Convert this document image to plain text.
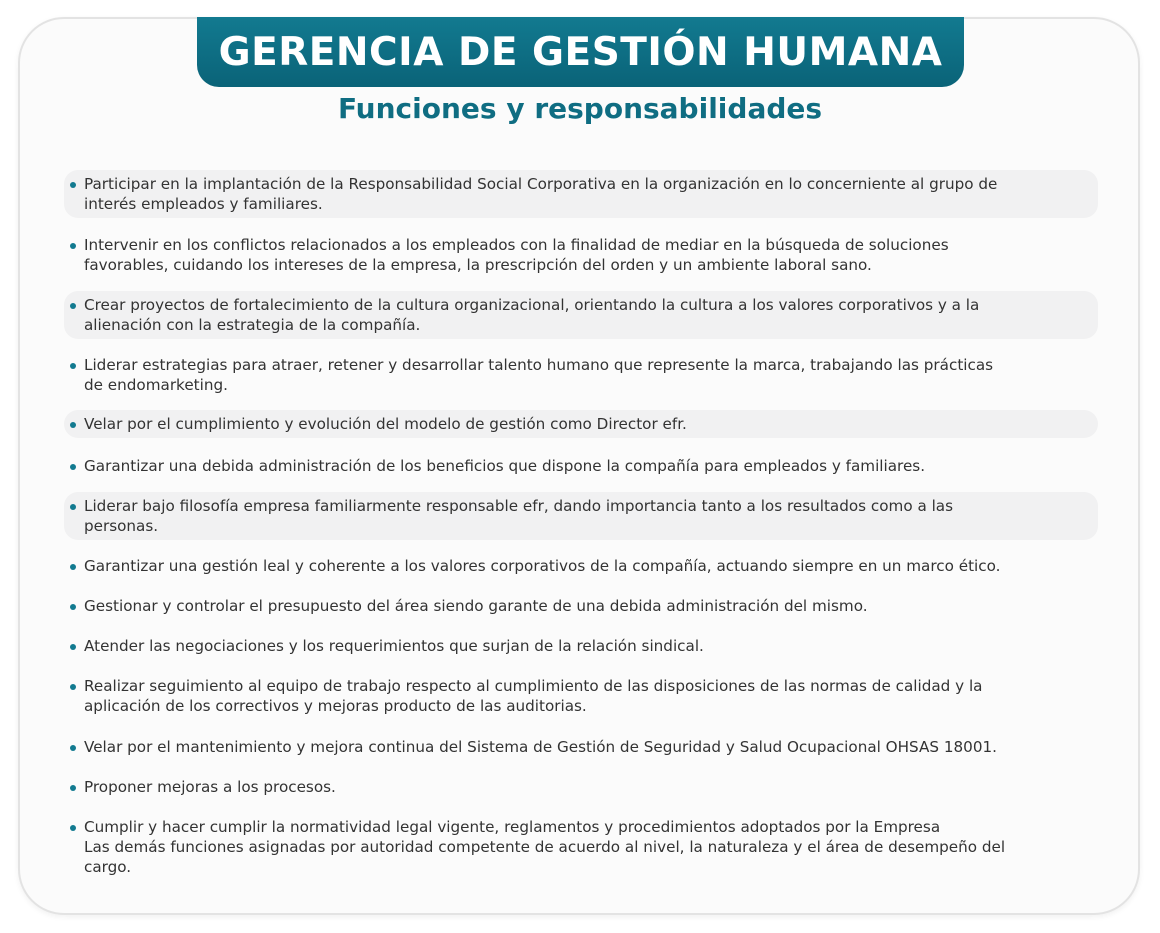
GERENCIA DE GESTIÓN HUMANA
Funciones y responsabilidades
Participar en la implantación de la Responsabilidad Social Corporativa en la organización en lo concerniente al grupo de
interés empleados y familiares.
Intervenir en los conflictos relacionados a los empleados con la finalidad de mediar en la búsqueda de soluciones
favorables, cuidando los intereses de la empresa, la prescripción del orden y un ambiente laboral sano.
Crear proyectos de fortalecimiento de la cultura organizacional, orientando la cultura a los valores corporativos y a la
alienación con la estrategia de la compañía.
Liderar estrategias para atraer, retener y desarrollar talento humano que represente la marca, trabajando las prácticas
de endomarketing.
Velar por el cumplimiento y evolución del modelo de gestión como Director efr.
Garantizar una debida administración de los beneficios que dispone la compañía para empleados y familiares.
Liderar bajo filosofía empresa familiarmente responsable efr, dando importancia tanto a los resultados como a las
personas.
Garantizar una gestión leal y coherente a los valores corporativos de la compañía, actuando siempre en un marco ético.
Gestionar y controlar el presupuesto del área siendo garante de una debida administración del mismo.
Atender las negociaciones y los requerimientos que surjan de la relación sindical.
Realizar seguimiento al equipo de trabajo respecto al cumplimiento de las disposiciones de las normas de calidad y la
aplicación de los correctivos y mejoras producto de las auditorias.
Velar por el mantenimiento y mejora continua del Sistema de Gestión de Seguridad y Salud Ocupacional OHSAS 18001.
Proponer mejoras a los procesos.
Cumplir y hacer cumplir la normatividad legal vigente, reglamentos y procedimientos adoptados por la Empresa
Las demás funciones asignadas por autoridad competente de acuerdo al nivel, la naturaleza y el área de desempeño del
cargo.
